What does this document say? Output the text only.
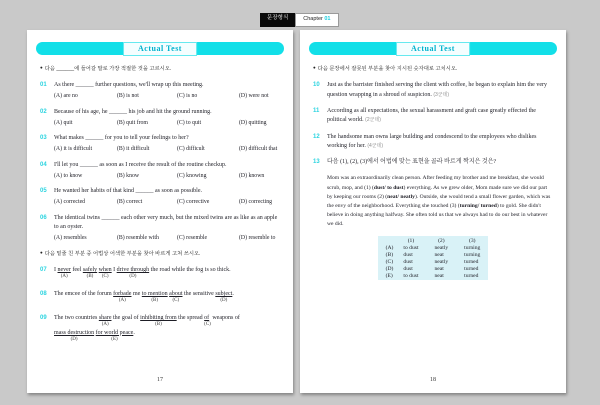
문장형식	Chapter 01
Actual Test
● 다음 ______에 들어갈 말로 가장 적절한 것을 고르시오.
01	As there ______ further questions, we'll wrap up this meeting.
(A) are no	(B) is not	(C) is no	(D) were not
02	Because of his age, he ______ his job and hit the ground running.
(A) quit	(B) quit from	(C) to quit	(D) quitting
03	What makes ______ for you to tell your feelings to her?
(A) it is difficult	(B) it difficult	(C) difficult	(D) difficult that
04	I'll let you ______ as soon as I receive the result of the routine checkup.
(A) to know	(B) know	(C) knowing	(D) known
05	He wanted her habits of that kind ______ as soon as possible.
(A) corrected	(B) correct	(C) corrective	(D) correcting
06	The identical twins ______ each other very much, but the mixed twins are as like as an apple to an oyster.
(A) resembles	(B) resemble with	(C) resemble	(D) resemble to
● 다음 밑줄 친 부분 중 어법상 어색한 부분을 찾아 바르게 고쳐 쓰시오.
07	I never
(A)
feel safely
(B)

when
(C)
I drive through
(D)
the road while the fog is so thick.
08	The emcee of the forum forbade
(A)
me to mention
(B)

about
(C)
the sensitive subject
(D)
.
09	The two countries share
(A)
the goal of inhibiting from
(B)
the spread of
(C)
weapons of
mass destruction
(D)

for world peace
(E)
.
17
Actual Test
● 다음 문장에서 잘못된 부분을 찾아 지시된 숫자대로 고치시오.
10	Just as the barrister finished serving the client with coffee, he began to explain him the very question wrapping in a shroud of suspicion. (3군데)
11	According as all expectations, the sexual harassment and graft case greatly effected the political world. (2군데)
12	The handsome man owns large building and condescend to the employees who dislikes working for her. (4군데)
13	다음 (1), (2), (3)에서 어법에 맞는 표현을 골라 바르게 짝지은 것은?
Mom was an extraordinarily clean person. After feeding my brother and me breakfast, she would scrub, mop, and (1) (dust/ to dust) everything. As we grew older, Mom made sure we did our part by keeping our rooms (2) (neat/ neatly). Outside, she would tend a small flower garden, which was the envy of the neighborhood. Everything she touched (3) (turning/ turned) to gold. She didn't believe in doing anything halfway. She often told us that we always had to do our best in whatever we did.
	(1)	(2)	(3)
(A)	to dust	neatly	turning
(B)	dust	neat	turning
(C)	dust	neatly	turned
(D)	dust	neat	turned
(E)	to dust	neat	turned
18
